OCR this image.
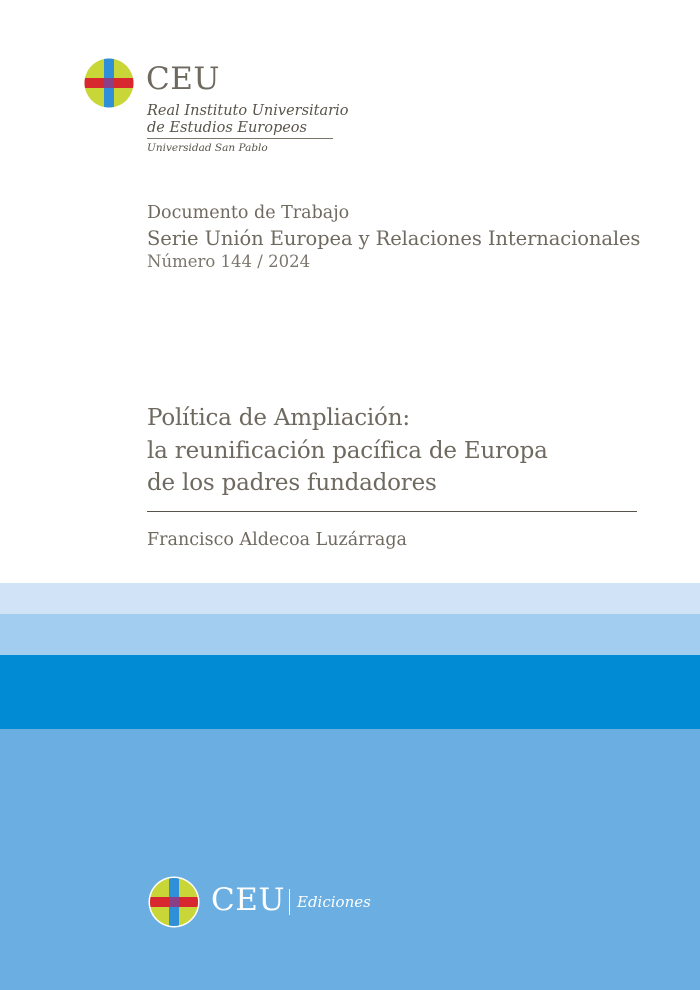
CEU
Real Instituto Universitario
de Estudios Europeos
Universidad San Pablo
Documento de Trabajo
Serie Unión Europea y Relaciones Internacionales
Número 144 / 2024
Política de Ampliación:
la reunificación pacífica de Europa
de los padres fundadores
Francisco Aldecoa Luzárraga
CEU Ediciones
